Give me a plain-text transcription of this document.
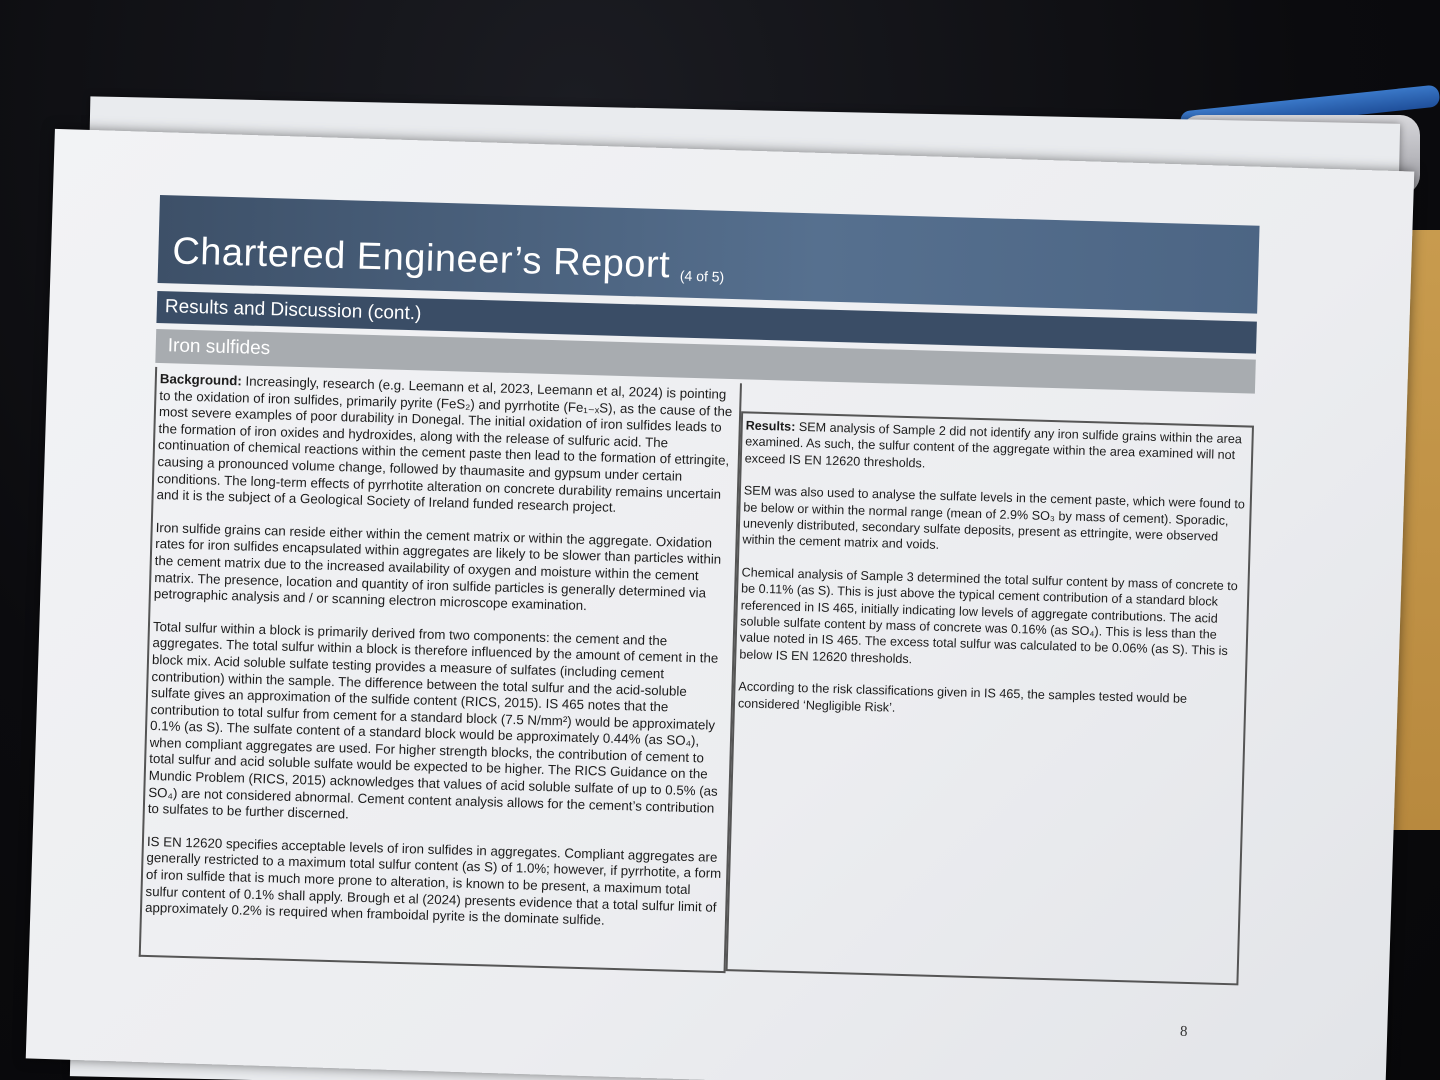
Chartered Engineer’s Report (4 of 5)
Results and Discussion (cont.)
Iron sulfides

Background: Increasingly, research (e.g. Leemann et al, 2023, Leemann et al, 2024) is pointing to the oxidation of iron sulfides, primarily pyrite (FeS₂) and pyrrhotite (Fe₁₋ₓS), as the cause of the most severe examples of poor durability in Donegal. The initial oxidation of iron sulfides leads to the formation of iron oxides and hydroxides, along with the release of sulfuric acid. The continuation of chemical reactions within the cement paste then lead to the formation of ettringite, causing a pronounced volume change, followed by thaumasite and gypsum under certain conditions. The long-term effects of pyrrhotite alteration on concrete durability remains uncertain and it is the subject of a Geological Society of Ireland funded research project.

Iron sulfide grains can reside either within the cement matrix or within the aggregate. Oxidation rates for iron sulfides encapsulated within aggregates are likely to be slower than particles within the cement matrix due to the increased availability of oxygen and moisture within the cement matrix. The presence, location and quantity of iron sulfide particles is generally determined via petrographic analysis and / or scanning electron microscope examination.

Total sulfur within a block is primarily derived from two components: the cement and the aggregates. The total sulfur within a block is therefore influenced by the amount of cement in the block mix. Acid soluble sulfate testing provides a measure of sulfates (including cement contribution) within the sample. The difference between the total sulfur and the acid-soluble sulfate gives an approximation of the sulfide content (RICS, 2015). IS 465 notes that the contribution to total sulfur from cement for a standard block (7.5 N/mm²) would be approximately 0.1% (as S). The sulfate content of a standard block would be approximately 0.44% (as SO₄), when compliant aggregates are used. For higher strength blocks, the contribution of cement to total sulfur and acid soluble sulfate would be expected to be higher. The RICS Guidance on the Mundic Problem (RICS, 2015) acknowledges that values of acid soluble sulfate of up to 0.5% (as SO₄) are not considered abnormal. Cement content analysis allows for the cement’s contribution to sulfates to be further discerned.

IS EN 12620 specifies acceptable levels of iron sulfides in aggregates. Compliant aggregates are generally restricted to a maximum total sulfur content (as S) of 1.0%; however, if pyrrhotite, a form of iron sulfide that is much more prone to alteration, is known to be present, a maximum total sulfur content of 0.1% shall apply. Brough et al (2024) presents evidence that a total sulfur limit of approximately 0.2% is required when framboidal pyrite is the dominate sulfide.

Results: SEM analysis of Sample 2 did not identify any iron sulfide grains within the area examined. As such, the sulfur content of the aggregate within the area examined will not exceed IS EN 12620 thresholds.

SEM was also used to analyse the sulfate levels in the cement paste, which were found to be below or within the normal range (mean of 2.9% SO₃ by mass of cement). Sporadic, unevenly distributed, secondary sulfate deposits, present as ettringite, were observed within the cement matrix and voids.

Chemical analysis of Sample 3 determined the total sulfur content by mass of concrete to be 0.11% (as S). This is just above the typical cement contribution of a standard block referenced in IS 465, initially indicating low levels of aggregate contributions. The acid soluble sulfate content by mass of concrete was 0.16% (as SO₄). This is less than the value noted in IS 465. The excess total sulfur was calculated to be 0.06% (as S). This is below IS EN 12620 thresholds.

According to the risk classifications given in IS 465, the samples tested would be considered ‘Negligible Risk’.

8
